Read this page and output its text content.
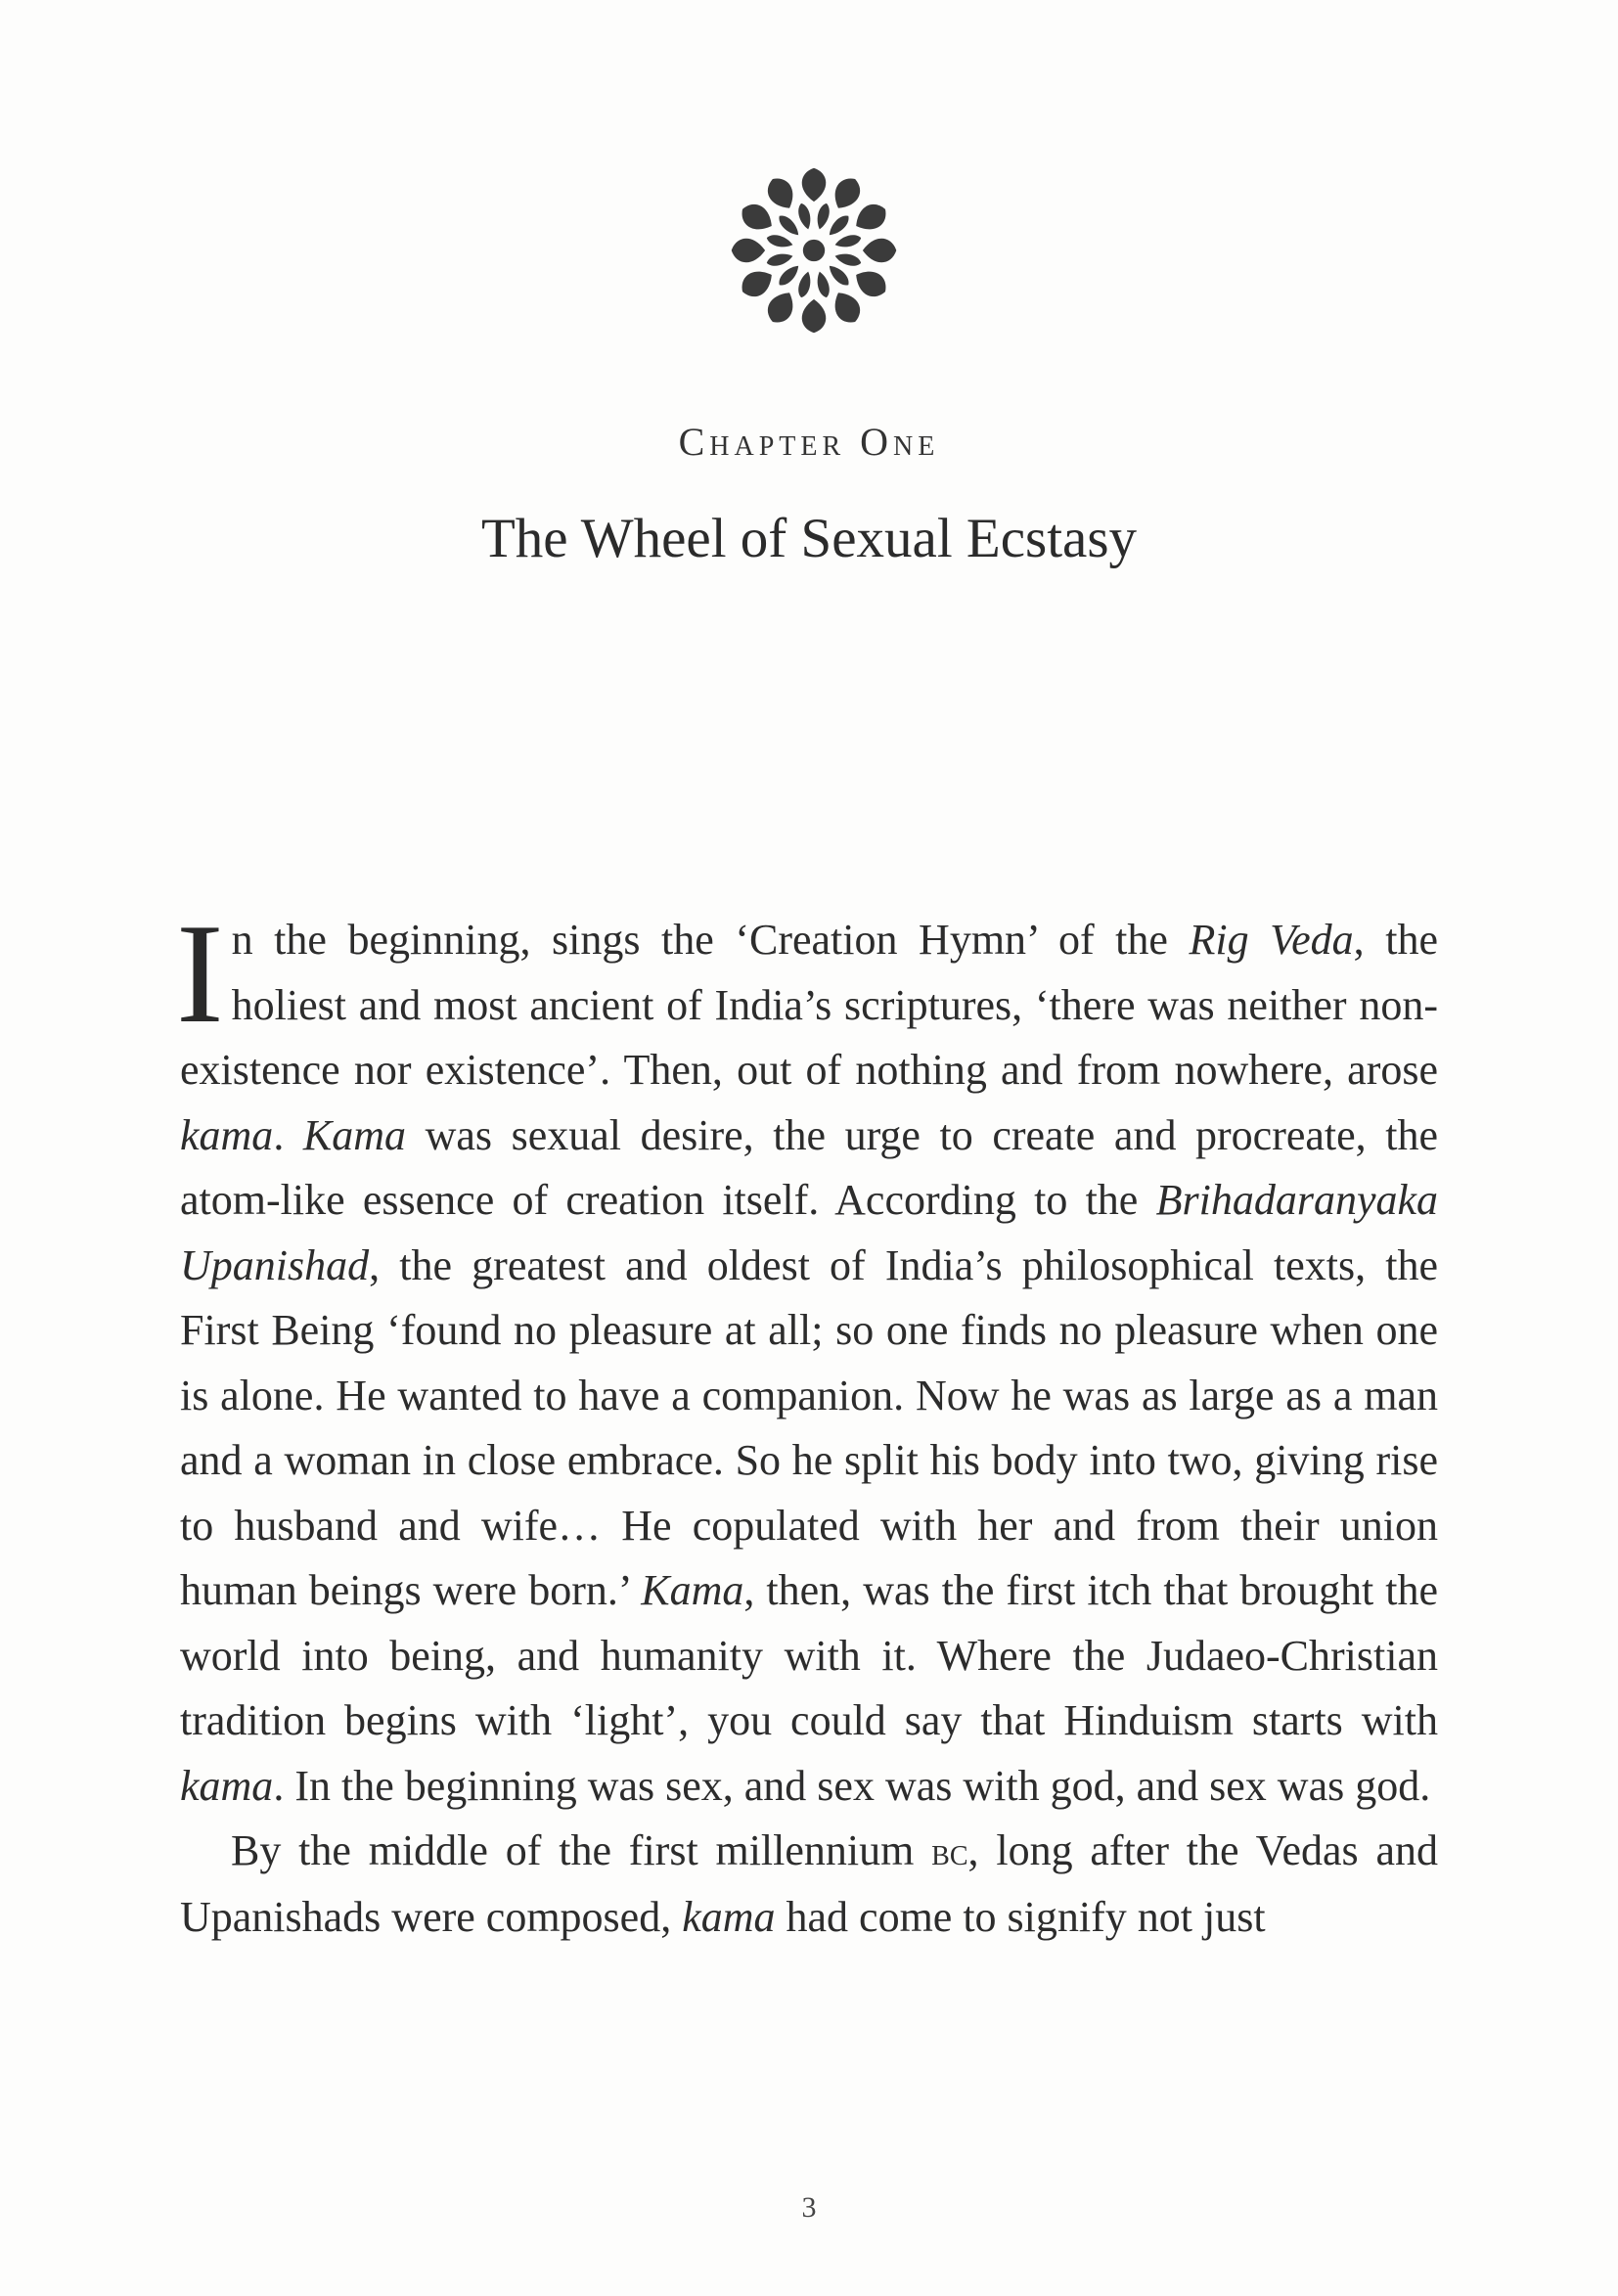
Chapter One
The Wheel of Sexual Ecstasy

In the beginning, sings the ‘Creation Hymn’ of the Rig Veda, the holiest and most ancient of India’s scriptures, ‘there was neither non-existence nor existence’. Then, out of nothing and from nowhere, arose kama. Kama was sexual desire, the urge to create and procreate, the atom-like essence of creation itself. According to the Brihadaranyaka Upanishad, the greatest and oldest of India’s philosophical texts, the First Being ‘found no pleasure at all; so one finds no pleasure when one is alone. He wanted to have a companion. Now he was as large as a man and a woman in close embrace. So he split his body into two, giving rise to husband and wife… He copulated with her and from their union human beings were born.’ Kama, then, was the first itch that brought the world into being, and humanity with it. Where the Judaeo-Christian tradition begins with ‘light’, you could say that Hinduism starts with kama. In the beginning was sex, and sex was with god, and sex was god.

By the middle of the first millennium bc, long after the Vedas and Upanishads were composed, kama had come to signify not just

3
